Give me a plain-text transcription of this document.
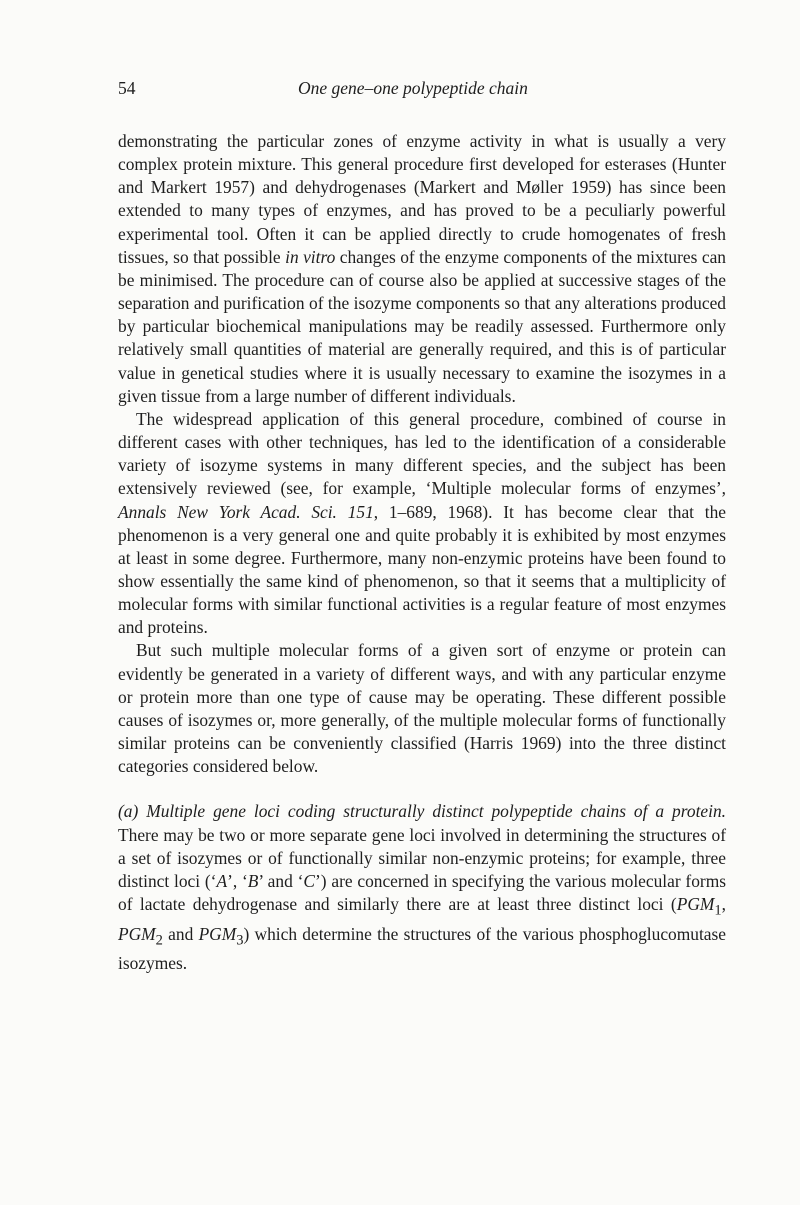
54	One gene–one polypeptide chain

demonstrating the particular zones of enzyme activity in what is usually a very complex protein mixture. This general procedure first developed for esterases (Hunter and Markert 1957) and dehydrogenases (Markert and Møller 1959) has since been extended to many types of enzymes, and has proved to be a peculiarly powerful experimental tool. Often it can be applied directly to crude homogenates of fresh tissues, so that possible in vitro changes of the enzyme components of the mixtures can be minimised. The procedure can of course also be applied at successive stages of the separation and purification of the isozyme components so that any alterations produced by particular biochemical manipulations may be readily assessed. Furthermore only relatively small quantities of material are generally required, and this is of particular value in genetical studies where it is usually necessary to examine the isozymes in a given tissue from a large number of different individuals.

The widespread application of this general procedure, combined of course in different cases with other techniques, has led to the identification of a considerable variety of isozyme systems in many different species, and the subject has been extensively reviewed (see, for example, ‘Multiple molecular forms of enzymes’, Annals New York Acad. Sci. 151, 1–689, 1968). It has become clear that the phenomenon is a very general one and quite probably it is exhibited by most enzymes at least in some degree. Furthermore, many non-enzymic proteins have been found to show essentially the same kind of phenomenon, so that it seems that a multiplicity of molecular forms with similar functional activities is a regular feature of most enzymes and proteins.

But such multiple molecular forms of a given sort of enzyme or protein can evidently be generated in a variety of different ways, and with any particular enzyme or protein more than one type of cause may be operating. These different possible causes of isozymes or, more generally, of the multiple molecular forms of functionally similar proteins can be conveniently classified (Harris 1969) into the three distinct categories considered below.

(a) Multiple gene loci coding structurally distinct polypeptide chains of a protein. There may be two or more separate gene loci involved in determining the structures of a set of isozymes or of functionally similar non-enzymic proteins; for example, three distinct loci (‘A’, ‘B’ and ‘C’) are concerned in specifying the various molecular forms of lactate dehydrogenase and similarly there are at least three distinct loci ($PGM_1$, $PGM_2$ and $PGM_3$) which determine the structures of the various phosphoglucomutase isozymes.
